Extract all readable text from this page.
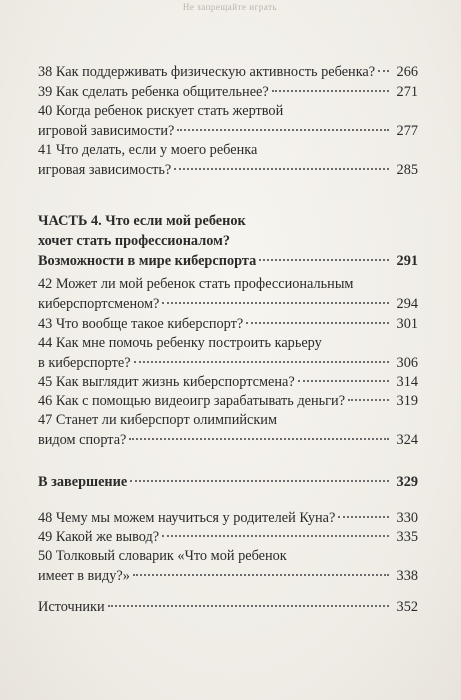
Не запрещайте играть
38 Как поддерживать физическую активность ребенка?	266
39 Как сделать ребенка общительнее?	271
40 Когда ребенок рискует стать жертвой
игровой зависимости?	277
41 Что делать, если у моего ребенка
игровая зависимость?	285
ЧАСТЬ 4. Что если мой ребенок
хочет стать профессионалом?
Возможности в мире киберспорта	291
42 Может ли мой ребенок стать профессиональным
киберспортсменом?	294
43 Что вообще такое киберспорт?	301
44 Как мне помочь ребенку построить карьеру
в киберспорте?	306
45 Как выглядит жизнь киберспортсмена?	314
46 Как с помощью видеоигр зарабатывать деньги?	319
47 Станет ли киберспорт олимпийским
видом спорта?	324
В завершение	329
48 Чему мы можем научиться у родителей Куна?	330
49 Какой же вывод?	335
50 Толковый словарик «Что мой ребенок
имеет в виду?»	338
Источники	352
